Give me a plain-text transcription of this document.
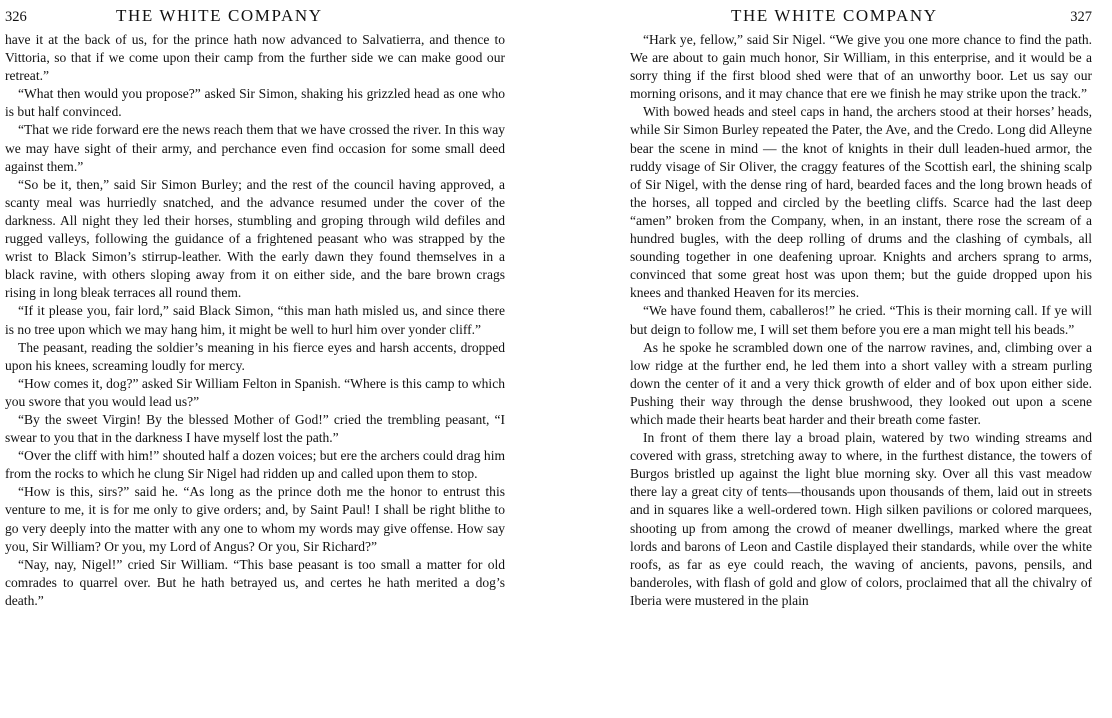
326	THE WHITE COMPANY

have it at the back of us, for the prince hath now advanced to Salvatierra, and thence to Vittoria, so that if we come upon their camp from the further side we can make good our retreat.”

“What then would you propose?” asked Sir Simon, shaking his grizzled head as one who is but half convinced.

“That we ride forward ere the news reach them that we have crossed the river. In this way we may have sight of their army, and perchance even find occasion for some small deed against them.”

“So be it, then,” said Sir Simon Burley; and the rest of the council having approved, a scanty meal was hurriedly snatched, and the advance resumed under the cover of the darkness. All night they led their horses, stumbling and groping through wild defiles and rugged valleys, following the guidance of a frightened peasant who was strapped by the wrist to Black Simon’s stirrup-leather. With the early dawn they found themselves in a black ravine, with others sloping away from it on either side, and the bare brown crags rising in long bleak terraces all round them.

“If it please you, fair lord,” said Black Simon, “this man hath misled us, and since there is no tree upon which we may hang him, it might be well to hurl him over yonder cliff.”

The peasant, reading the soldier’s meaning in his fierce eyes and harsh accents, dropped upon his knees, screaming loudly for mercy.

“How comes it, dog?” asked Sir William Felton in Spanish. “Where is this camp to which you swore that you would lead us?”

“By the sweet Virgin! By the blessed Mother of God!” cried the trembling peasant, “I swear to you that in the darkness I have myself lost the path.”

“Over the cliff with him!” shouted half a dozen voices; but ere the archers could drag him from the rocks to which he clung Sir Nigel had ridden up and called upon them to stop.

“How is this, sirs?” said he. “As long as the prince doth me the honor to entrust this venture to me, it is for me only to give orders; and, by Saint Paul! I shall be right blithe to go very deeply into the matter with any one to whom my words may give offense. How say you, Sir William? Or you, my Lord of Angus? Or you, Sir Richard?”

“Nay, nay, Nigel!” cried Sir William. “This base peasant is too small a matter for old comrades to quarrel over. But he hath betrayed us, and certes he hath merited a dog’s death.”

THE WHITE COMPANY	327

“Hark ye, fellow,” said Sir Nigel. “We give you one more chance to find the path. We are about to gain much honor, Sir William, in this enterprise, and it would be a sorry thing if the first blood shed were that of an unworthy boor. Let us say our morning orisons, and it may chance that ere we finish he may strike upon the track.”

With bowed heads and steel caps in hand, the archers stood at their horses’ heads, while Sir Simon Burley repeated the Pater, the Ave, and the Credo. Long did Alleyne bear the scene in mind — the knot of knights in their dull leaden-hued armor, the ruddy visage of Sir Oliver, the craggy features of the Scottish earl, the shining scalp of Sir Nigel, with the dense ring of hard, bearded faces and the long brown heads of the horses, all topped and circled by the beetling cliffs. Scarce had the last deep “amen” broken from the Company, when, in an instant, there rose the scream of a hundred bugles, with the deep rolling of drums and the clashing of cymbals, all sounding together in one deafening uproar. Knights and archers sprang to arms, convinced that some great host was upon them; but the guide dropped upon his knees and thanked Heaven for its mercies.

“We have found them, caballeros!” he cried. “This is their morning call. If ye will but deign to follow me, I will set them before you ere a man might tell his beads.”

As he spoke he scrambled down one of the narrow ravines, and, climbing over a low ridge at the further end, he led them into a short valley with a stream purling down the center of it and a very thick growth of elder and of box upon either side. Pushing their way through the dense brushwood, they looked out upon a scene which made their hearts beat harder and their breath come faster.

In front of them there lay a broad plain, watered by two winding streams and covered with grass, stretching away to where, in the furthest distance, the towers of Burgos bristled up against the light blue morning sky. Over all this vast meadow there lay a great city of tents—thousands upon thousands of them, laid out in streets and in squares like a well-ordered town. High silken pavilions or colored marquees, shooting up from among the crowd of meaner dwellings, marked where the great lords and barons of Leon and Castile displayed their standards, while over the white roofs, as far as eye could reach, the waving of ancients, pavons, pensils, and banderoles, with flash of gold and glow of colors, proclaimed that all the chivalry of Iberia were mustered in the plain
